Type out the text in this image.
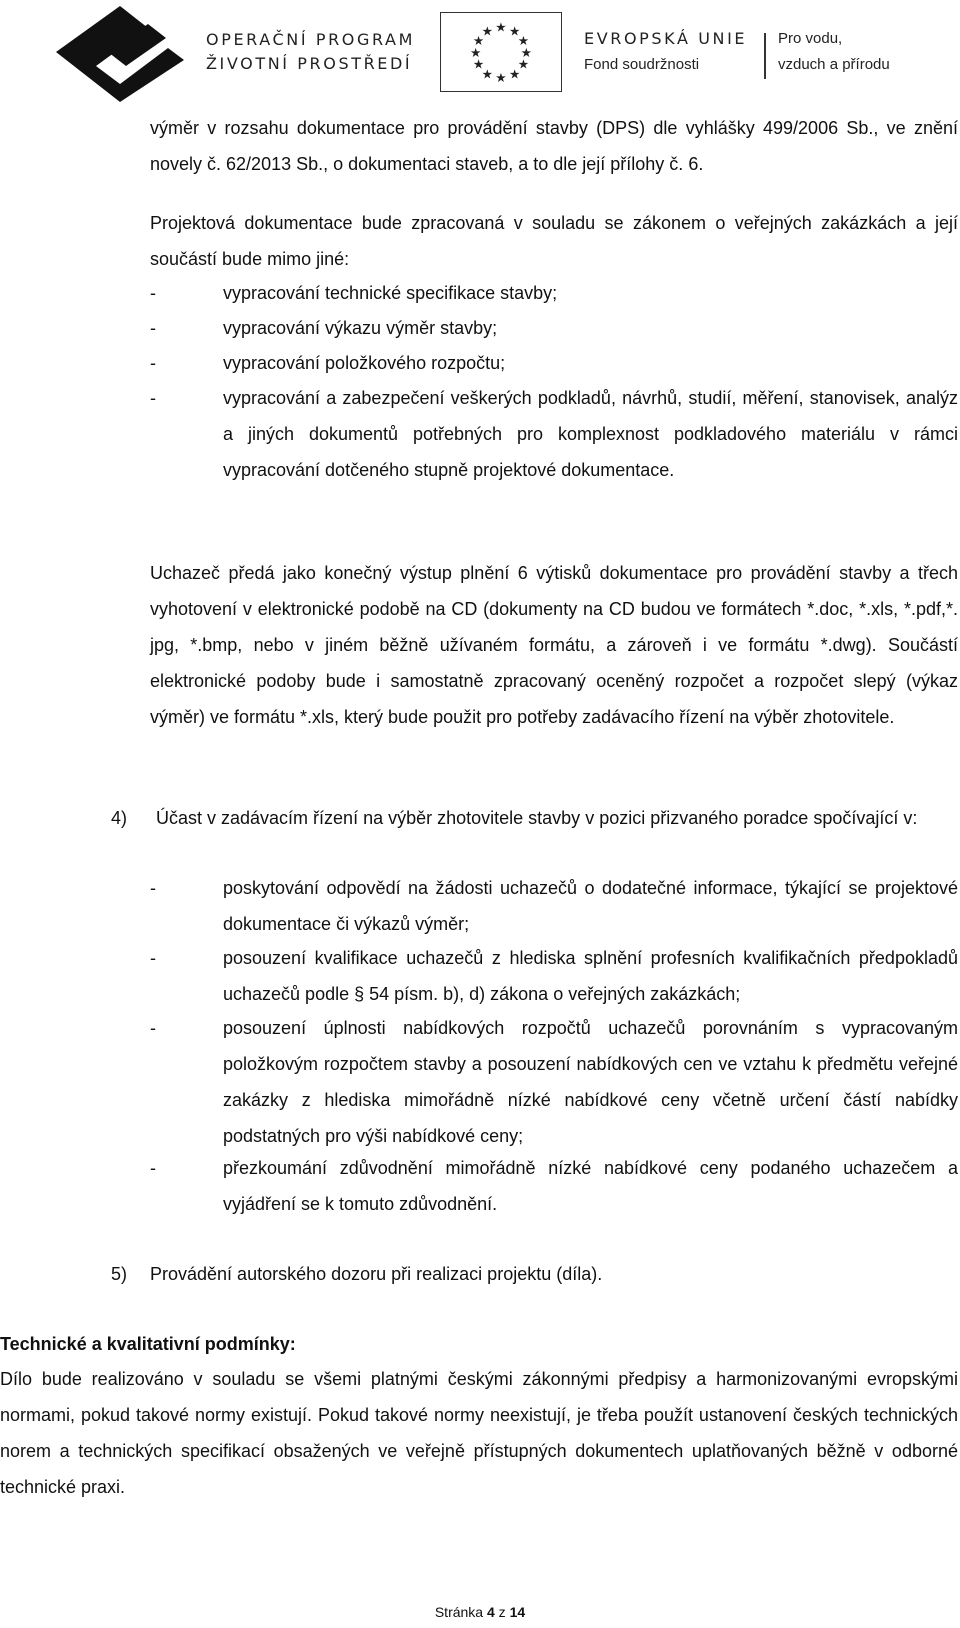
OPERAČNÍ PROGRAM
ŽIVOTNÍ PROSTŘEDÍ
★ ★
★
★
★
★
★
★
★
★
★
★	EVROPSKÁ UNIE
Fond soudržnosti
Pro vodu,
vzduch a přírodu
výměr v rozsahu dokumentace pro provádění stavby (DPS) dle vyhlášky 499/2006 Sb., ve znění novely č. 62/2013 Sb., o dokumentaci staveb, a to dle její přílohy č. 6.
Projektová dokumentace bude zpracovaná v souladu se zákonem o veřejných zakázkách a její součástí bude mimo jiné:
-	vypracování technické specifikace stavby;
-	vypracování výkazu výměr stavby;
-	vypracování položkového rozpočtu;
-	vypracování a zabezpečení veškerých podkladů, návrhů, studií, měření, stanovisek, analýz a jiných dokumentů potřebných pro komplexnost podkladového materiálu v rámci vypracování dotčeného stupně projektové dokumentace.
Uchazeč předá jako konečný výstup plnění 6 výtisků dokumentace pro provádění stavby a třech vyhotovení v elektronické podobě na CD (dokumenty na CD budou ve formátech *.doc, *.xls, *.pdf,*. jpg, *.bmp, nebo v jiném běžně užívaném formátu, a zároveň i ve formátu *.dwg). Součástí elektronické podoby bude i samostatně zpracovaný oceněný rozpočet a rozpočet slepý (výkaz výměr) ve formátu *.xls, který bude použit pro potřeby zadávacího řízení na výběr zhotovitele.
4)	Účast v zadávacím řízení na výběr zhotovitele stavby v pozici přizvaného poradce spočívající v:
-	poskytování odpovědí na žádosti uchazečů o dodatečné informace, týkající se projektové dokumentace či výkazů výměr;
-	posouzení kvalifikace uchazečů z hlediska splnění profesních kvalifikačních předpokladů uchazečů podle § 54 písm. b), d) zákona o veřejných zakázkách;
-	posouzení úplnosti nabídkových rozpočtů uchazečů porovnáním s vypracovaným položkovým rozpočtem stavby a posouzení nabídkových cen ve vztahu k předmětu veřejné zakázky z hlediska mimořádně nízké nabídkové ceny včetně určení částí nabídky podstatných pro výši nabídkové ceny;
-	přezkoumání zdůvodnění mimořádně nízké nabídkové ceny podaného uchazečem a vyjádření se k tomuto zdůvodnění.
5) Provádění autorského dozoru při realizaci projektu (díla).
Technické a kvalitativní podmínky:
Dílo bude realizováno v souladu se všemi platnými českými zákonnými předpisy a harmonizovanými evropskými normami, pokud takové normy existují. Pokud takové normy neexistují, je třeba použít ustanovení českých technických norem a technických specifikací obsažených ve veřejně přístupných dokumentech uplatňovaných běžně v odborné technické praxi.
Stránka 4 z 14
